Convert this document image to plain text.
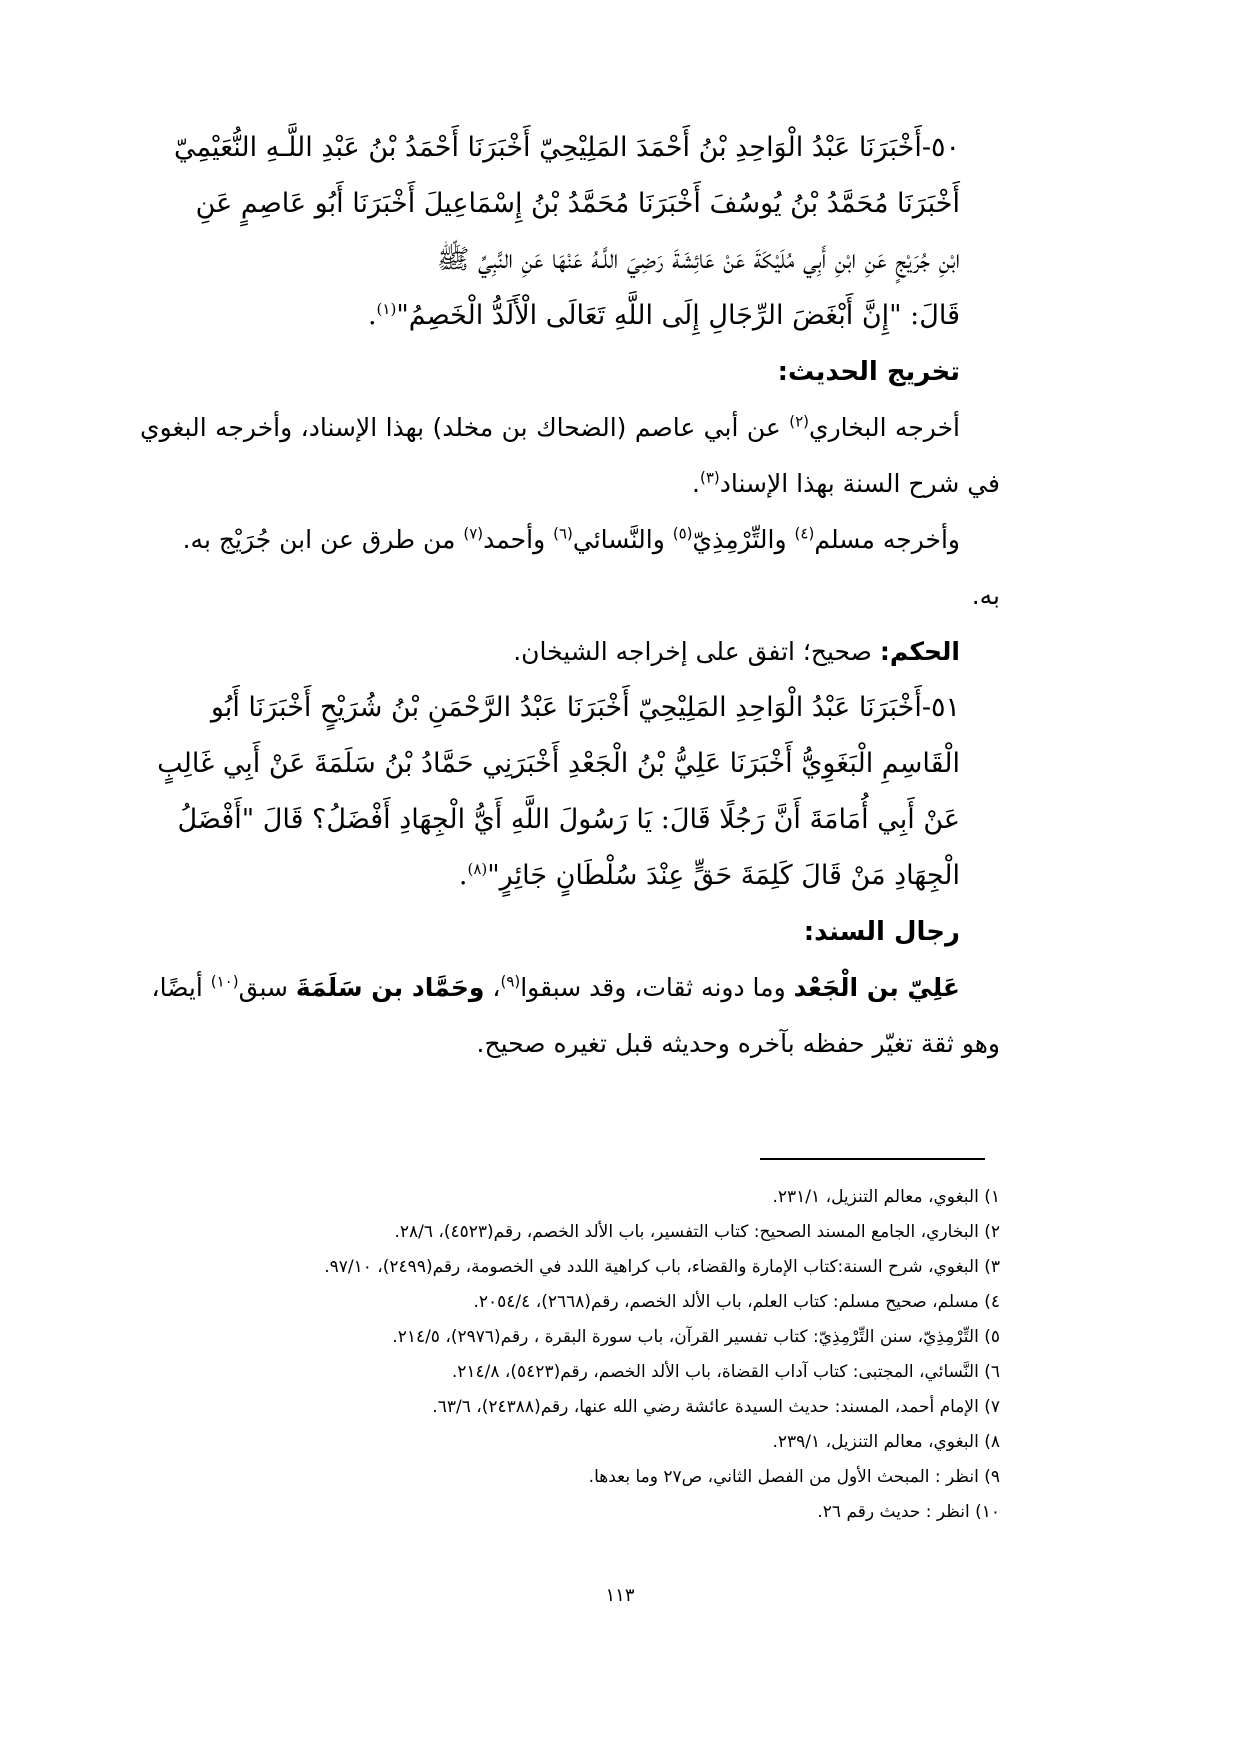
٥٠-أَخْبَرَنَا عَبْدُ الْوَاحِدِ بْنُ أَحْمَدَ المَلِيْحِيّ أَخْبَرَنَا أَحْمَدُ بْنُ عَبْدِ اللَّـهِ النُّعَيْمِيّ

أَخْبَرَنَا مُحَمَّدُ بْنُ يُوسُفَ أَخْبَرَنَا مُحَمَّدُ بْنُ إِسْمَاعِيلَ أَخْبَرَنَا أَبُو عَاصِمٍ عَنِ

ابْنِ جُرَيْجٍ عَنِ ابْنِ أَبِي مُلَيْكَةَ عَنْ عَائِشَةَ رَضِيَ اللَّـهُ عَنْهَا عَنِ النَّبِيِّ ﷺ

قَالَ: "إِنَّ أَبْغَضَ الرِّجَالِ إِلَى اللَّهِ تَعَالَى الْأَلَدُّ الْخَصِمُ"$^{(١)}$.

تخريج الحديث:

أخرجه البخاري$^{(٢)}$ عن أبي عاصم (الضحاك بن مخلد) بهذا الإسناد، وأخرجه البغوي في شرح السنة بهذا الإسناد$^{(٣)}$.

وأخرجه مسلم$^{(٤)}$ والتِّرْمِذِيّ$^{(٥)}$ والنَّسائي$^{(٦)}$ وأحمد$^{(٧)}$ من طرق عن ابن جُرَيْج به.

به.

الحكم: صحيح؛ اتفق على إخراجه الشيخان.

٥١-أَخْبَرَنَا عَبْدُ الْوَاحِدِ المَلِيْحِيّ أَخْبَرَنَا عَبْدُ الرَّحْمَنِ بْنُ شُرَيْحٍ أَخْبَرَنَا أَبُو

الْقَاسِمِ الْبَغَوِيُّ أَخْبَرَنَا عَلِيُّ بْنُ الْجَعْدِ أَخْبَرَنِي حَمَّادُ بْنُ سَلَمَةَ عَنْ أَبِي غَالِبٍ

عَنْ أَبِي أُمَامَةَ أَنَّ رَجُلًا قَالَ: يَا رَسُولَ اللَّهِ أَيُّ الْجِهَادِ أَفْضَلُ؟ قَالَ "أَفْضَلُ

الْجِهَادِ مَنْ قَالَ كَلِمَةَ حَقٍّ عِنْدَ سُلْطَانٍ جَائِرٍ"$^{(٨)}$.

رجال السند:

عَلِيّ بن الْجَعْد وما دونه ثقات، وقد سبقوا$^{(٩)}$، وحَمَّاد بن سَلَمَةَ سبق$^{(١٠)}$ أيضًا،

وهو ثقة تغيّر حفظه بآخره وحديثه قبل تغيره صحيح.

١) البغوي، معالم التنزيل، ٢٣١/١.

٢) البخاري، الجامع المسند الصحيح: كتاب التفسير، باب الألد الخصم، رقم(٤٥٢٣)، ٢٨/٦.

٣) البغوي، شرح السنة:كتاب الإمارة والقضاء، باب كراهية اللدد في الخصومة، رقم(٢٤٩٩)، ٩٧/١٠.

٤) مسلم، صحيح مسلم: كتاب العلم، باب الألد الخصم، رقم(٢٦٦٨)، ٢٠٥٤/٤.

٥) التِّرْمِذِيّ، سنن التِّرْمِذِيّ: كتاب تفسير القرآن، باب سورة البقرة ، رقم(٢٩٧٦)، ٢١٤/٥.

٦) النَّسائي، المجتبى: كتاب آداب القضاة، باب الألد الخصم، رقم(٥٤٢٣)، ٢١٤/٨.

٧) الإمام أحمد، المسند: حديث السيدة عائشة رضي الله عنها، رقم(٢٤٣٨٨)، ٦٣/٦.

٨) البغوي، معالم التنزيل، ٢٣٩/١.

٩) انظر : المبحث الأول من الفصل الثاني، ص٢٧ وما بعدها.

١٠) انظر : حديث رقم ٢٦.

١١٣
